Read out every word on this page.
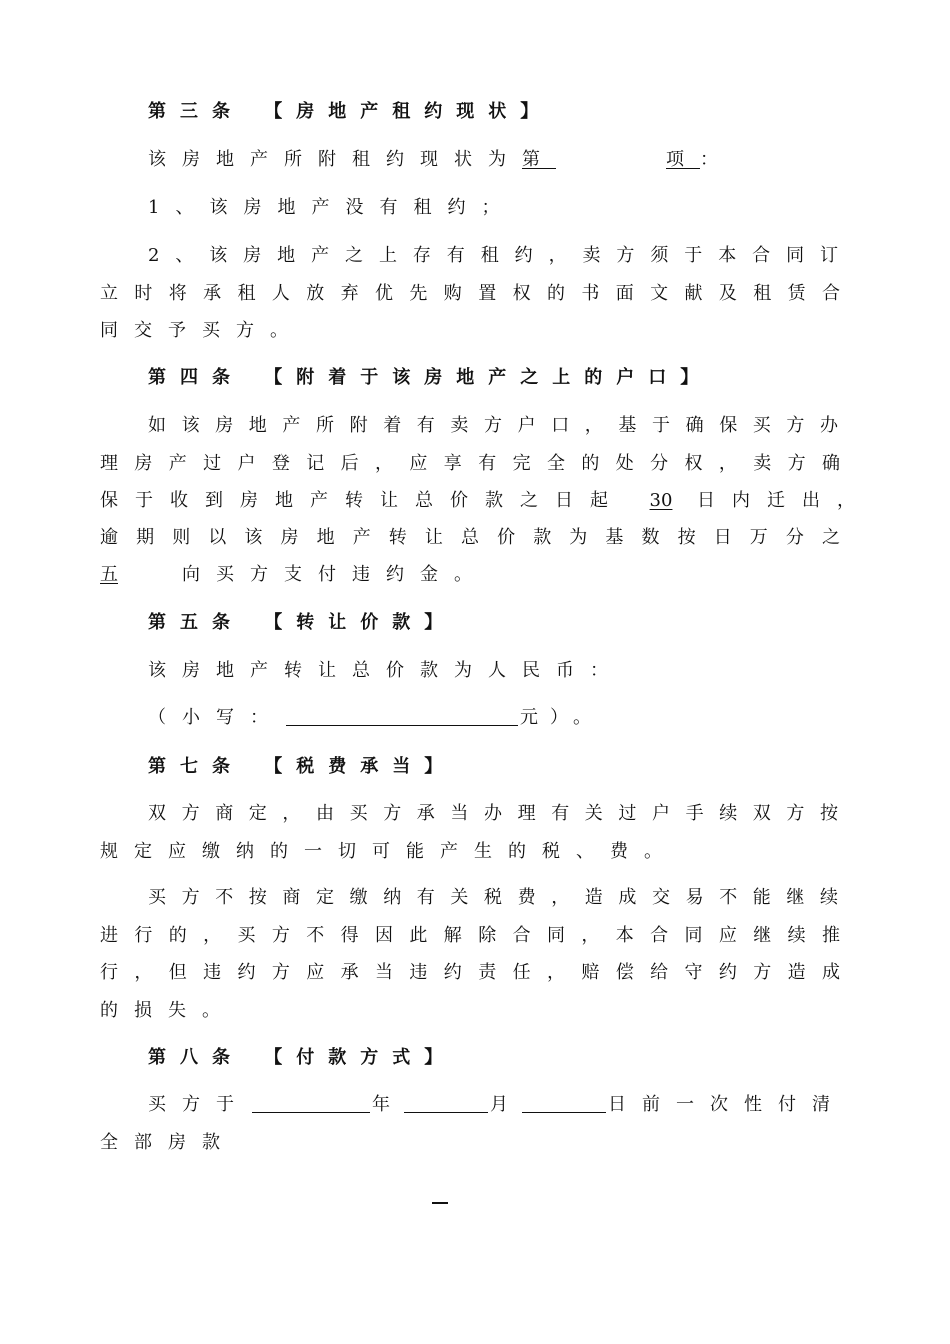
第三条 【房地产租约现状】
该房地产所附租约现状为第	项：
1、该房地产没有租约；
2、该房地产之上存有租约，卖方须于本合同订
立时将承租人放弃优先购置权的书面文献及租赁合
同交予买方。
第四条 【附着于该房地产之上的户口】
如该房地产所附着有卖方户口，基于确保买方办
理房产过户登记后，应享有完全的处分权，卖方确
保于收到房地产转让总价款之日起 30 日内迁出，
逾期则以该房地产转让总价款为基数按日万分之
五	向买方支付违约金。
第五条 【转让价款】
该房地产转让总价款为人民币：
（小写：	元 ）。
第七条 【税费承当】
双方商定，由买方承当办理有关过户手续双方按
规定应缴纳的一切可能产生的税、费。
买方不按商定缴纳有关税费，造成交易不能继续
进行的，买方不得因此解除合同，本合同应继续推
行，但违约方应承当违约责任，赔偿给守约方造成
的损失。
第八条 【付款方式】
买方于	年	月	日前一次性付清
全部房款
